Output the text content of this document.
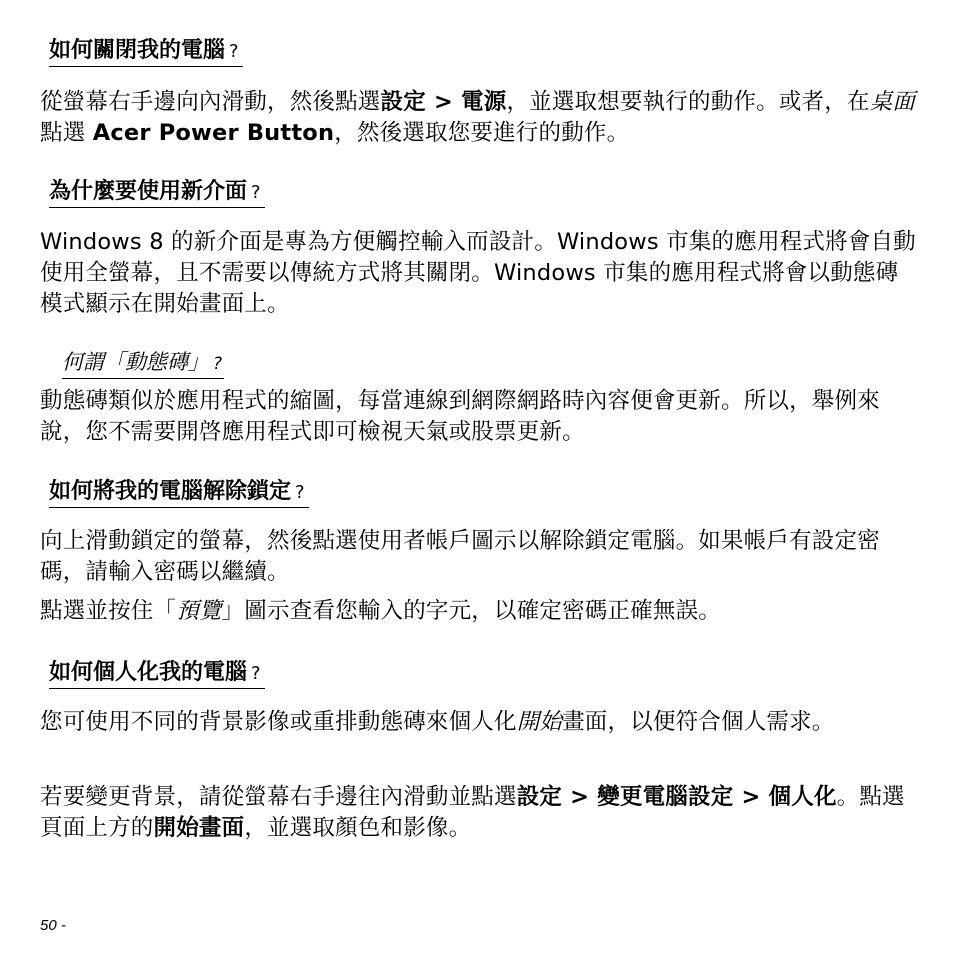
如何關閉我的電腦 ?
從螢幕右手邊向內滑動，然後點選設定 > 電源，並選取想要執行的動作。或者，在桌面點選 Acer Power Button，然後選取您要進行的動作。
為什麼要使用新介面 ?
Windows 8 的新介面是專為方便觸控輸入而設計。Windows 市集的應用程式將會自動使用全螢幕，且不需要以傳統方式將其關閉。Windows 市集的應用程式將會以動態磚模式顯示在開始畫面上。
何謂「動態磚」 ?
動態磚類似於應用程式的縮圖，每當連線到網際網路時內容便會更新。所以，舉例來說，您不需要開啓應用程式即可檢視天氣或股票更新。
如何將我的電腦解除鎖定 ?
向上滑動鎖定的螢幕，然後點選使用者帳戶圖示以解除鎖定電腦。如果帳戶有設定密碼，請輸入密碼以繼續。
點選並按住「預覽」圖示查看您輸入的字元，以確定密碼正確無誤。
如何個人化我的電腦 ?
您可使用不同的背景影像或重排動態磚來個人化開始畫面，以便符合個人需求。
若要變更背景，請從螢幕右手邊往內滑動並點選設定 > 變更電腦設定 > 個人化。點選頁面上方的開始畫面，並選取顏色和影像。
50 -
